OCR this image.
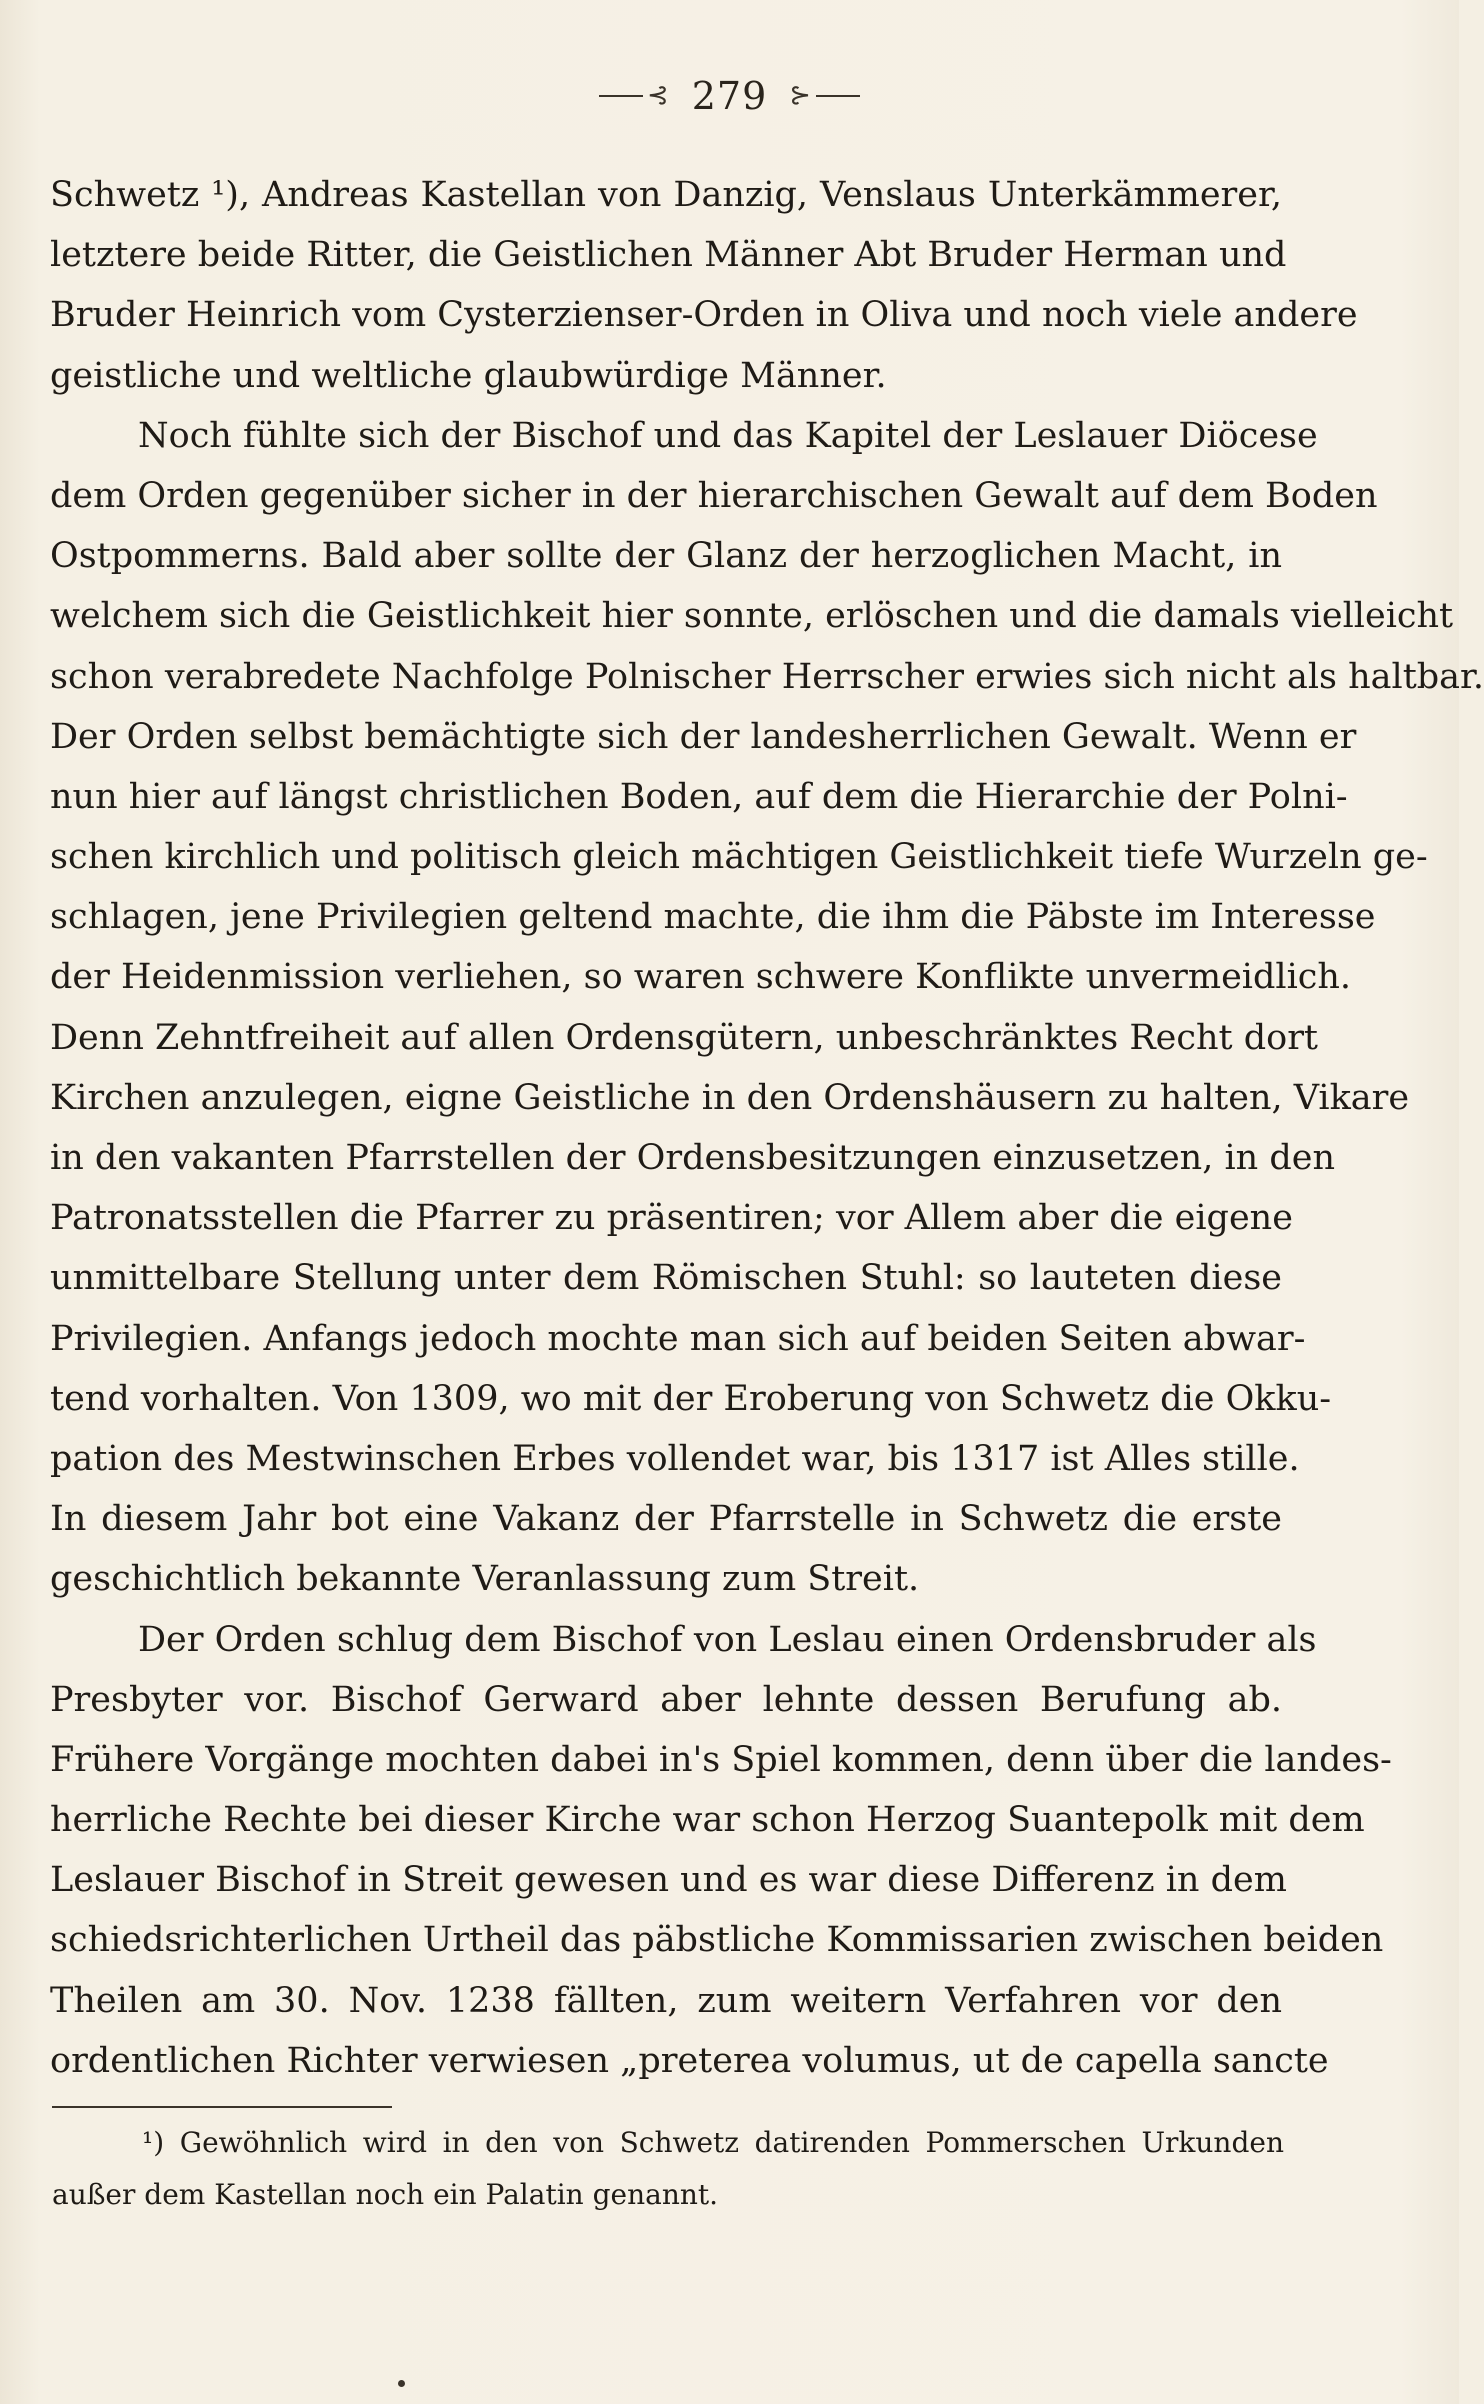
⊰ 279 ⊱
Schwetz ¹), Andreas Kastellan von Danzig, Venslaus Unterkämmerer,
letztere beide Ritter, die Geistlichen Männer Abt Bruder Herman und
Bruder Heinrich vom Cysterzienser-Orden in Oliva und noch viele andere
geistliche und weltliche glaubwürdige Männer.
Noch fühlte sich der Bischof und das Kapitel der Leslauer Diöcese
dem Orden gegenüber sicher in der hierarchischen Gewalt auf dem Boden
Ostpommerns. Bald aber sollte der Glanz der herzoglichen Macht, in
welchem sich die Geistlichkeit hier sonnte, erlöschen und die damals vielleicht
schon verabredete Nachfolge Polnischer Herrscher erwies sich nicht als haltbar.
Der Orden selbst bemächtigte sich der landesherrlichen Gewalt. Wenn er
nun hier auf längst christlichen Boden, auf dem die Hierarchie der Polni-
schen kirchlich und politisch gleich mächtigen Geistlichkeit tiefe Wurzeln ge-
schlagen, jene Privilegien geltend machte, die ihm die Päbste im Interesse
der Heidenmission verliehen, so waren schwere Konflikte unvermeidlich.
Denn Zehntfreiheit auf allen Ordensgütern, unbeschränktes Recht dort
Kirchen anzulegen, eigne Geistliche in den Ordenshäusern zu halten, Vikare
in den vakanten Pfarrstellen der Ordensbesitzungen einzusetzen, in den
Patronatsstellen die Pfarrer zu präsentiren; vor Allem aber die eigene
unmittelbare Stellung unter dem Römischen Stuhl: so lauteten diese
Privilegien. Anfangs jedoch mochte man sich auf beiden Seiten abwar-
tend vorhalten. Von 1309, wo mit der Eroberung von Schwetz die Okku-
pation des Mestwinschen Erbes vollendet war, bis 1317 ist Alles stille.
In diesem Jahr bot eine Vakanz der Pfarrstelle in Schwetz die erste
geschichtlich bekannte Veranlassung zum Streit.
Der Orden schlug dem Bischof von Leslau einen Ordensbruder als
Presbyter vor. Bischof Gerward aber lehnte dessen Berufung ab.
Frühere Vorgänge mochten dabei in's Spiel kommen, denn über die landes-
herrliche Rechte bei dieser Kirche war schon Herzog Suantepolk mit dem
Leslauer Bischof in Streit gewesen und es war diese Differenz in dem
schiedsrichterlichen Urtheil das päbstliche Kommissarien zwischen beiden
Theilen am 30. Nov. 1238 fällten, zum weitern Verfahren vor den
ordentlichen Richter verwiesen „preterea volumus, ut de capella sancte
¹) Gewöhnlich wird in den von Schwetz datirenden Pommerschen Urkunden
außer dem Kastellan noch ein Palatin genannt.
